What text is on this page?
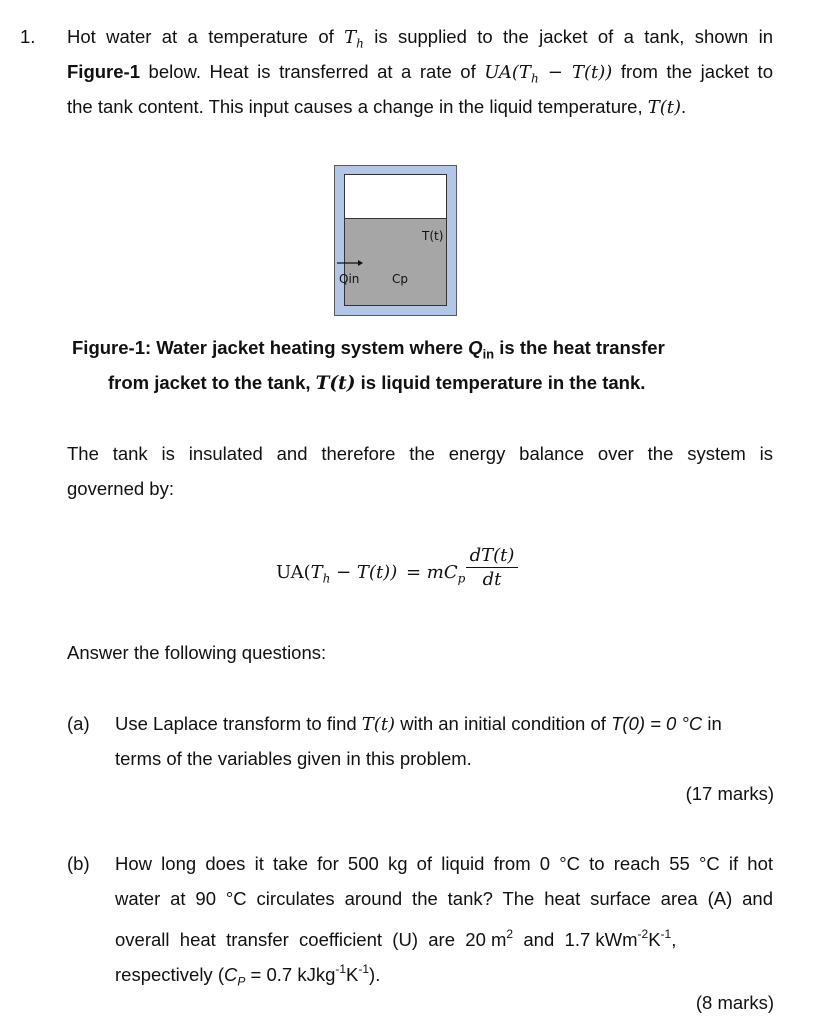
1. Hot water at a temperature of $T_h$ is supplied to the jacket of a tank, shown in
Figure-1 below. Heat is transferred at a rate of $UA(T_h - T(t))$ from the jacket to
the tank content. This input causes a change in the liquid temperature, T(t).
T(t)
Qin	Cp
Figure-1: Water jacket heating system where $Q_{in}$ is the heat transfer
from jacket to the tank, T(t) is liquid temperature in the tank.
The tank is insulated and therefore the energy balance over the system is
governed by:
$UA(T_h - T(t)) = mC_p \frac{dT(t)}{dt}$
Answer the following questions:
(a) Use Laplace transform to find T(t) with an initial condition of T(0) = 0 °C in
terms of the variables given in this problem.
(17 marks)
(b) How long does it take for 500 kg of liquid from 0 °C to reach 55 °C if hot
water at 90 °C circulates around the tank? The heat surface area (A) and
overall  heat  transfer  coefficient  (U)  are  20 $m^2$  and  1.7 $kWm^{-2}K^{-1}$,
respectively ($C_P = 0.7$ $kJkg^{-1}K^{-1}$).
(8 marks)
